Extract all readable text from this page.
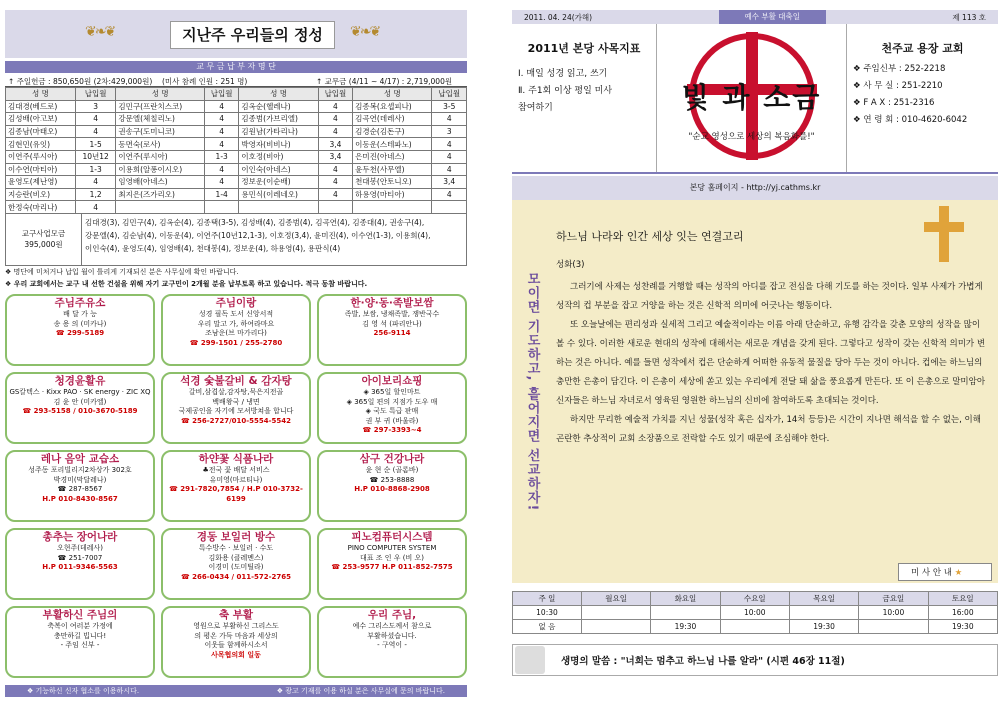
❦❧❦	지난주 우리들의 정성	❦❧❦
교 무 금 납 부 자 명 단
↑ 주일헌금 : 850,650원 (2차:429,000원)	(미사 참례 인원 : 251 명)	↑ 교무금 (4/11 ~ 4/17) : 2,719,000원
성 명	납입월	성 명	납입월	성 명	납입월	성 명	납입월
김대경(베드로)	3	김민구(프란치스코)	4	김옥순(헬레나)	4	김종복(요셉피나)	3-5
김성배(아고보)	4	강문엘(체칠리노)	4	김종범(가브리엘)	4	김곡연(데레사)	4
김종남(마태오)	4	권송구(도미니코)	4	김원남(가타리나)	4	김경순(김돈구)	3
김현민(유잇)	1-5	동면숙(로사)	4	박영자(비비나)	3,4	이동운(스테파노)	4
이연주(루시아)	10년12	이연주(루시아)	1-3	이호정(비아)	3,4	은미진(아네스)	4
이수연(마티아)	1-3	이용희(알퐁이시오)	4	이인숙(아네스)	4	윤두천(사무엘)	4
윤영도(제난영)	4	임영배(아네스)	4	정보운(이순배)	4	천대봉(안토니오)	3,4
지승란(비오)	1,2	최지은(즈가리오)	1-4	용민식(이레네오)	4	하용영(마티아)	4
한정숙(마리나)	4						
교구사업모금
395,000원
김대경(3), 김민구(4), 김옥순(4), 김종택(3-5), 김성배(4), 김종범(4), 김곡연(4), 김종대(4), 권송구(4),
강문엘(4), 김순남(4), 이동운(4), 이연주(10년12,1-3), 이호정(3,4), 윤미진(4), 이수연(1-3), 이용희(4),
이인숙(4), 윤영도(4), 임영배(4), 천대봉(4), 정보운(4), 하용영(4), 용판식(4)
❖ 명단에 미처거나 납입 월이 틀리게 기재되신 분은 사무실에 확인 바랍니다.
❖ 우리 교회에서는 교구 내 선한 건설을 위해 자기 교구민이 2개월 분을 납부토록 하고 있습니다. 적극 동참 바랍니다.
주님주유소
배 달 가 능
송 용 의 (미카나)
☎ 299-5189
주님이랑
성경 필독 도서 신앙서적
우리 말고 가, 하여라마요
조남운(브 마가리다)
☎ 299-1501 / 255-2780
한·양·동·족발보쌈
족발, 보쌈, 냉채족발, 쟁반국수
김 영 석 (파리안나)
256-9114
청경윤활유
GS칼텍스 · Kixx PAO · SK energy · ZIC XQ
김 윤 안 (미카엘)
☎ 293-5158 / 010-3670-5189
석경 숯불갈비 & 감자탕
갈비,삼겹살,감자탕,묵은지전골
백배왕국 / 냉면
국제공인을 자기에 모셔방쳐을 합니다
☎ 256-2727/010-5554-5542
아이보리쇼핑
◈ 365일 할인마트
◈ 365일 편의 지점가 도우 매
◈ 국도 특급 판매
권 부 귀 (바울라)
☎ 297-3393~4
레나 음악 교습소
성주동 포리빌리지2차상가 302호
박경미(막달레나)
☎ 287-8567
H.P 010-8430-8567
하얀꽃 식품나라
♣전국 꽃 배달 서비스
유미영(마르티나)
☎ 291-7820,7854 / H.P 010-3732-6199
삼구 건강나라
윤 현 순 (골롬바)
☎ 253-8888
H.P 010-8868-2908
총추는 장어나라
오현주(데레사)
☎ 251-7007
H.P 011-9346-5563
경동 보일러 방수
특수방수 · 보일러 · 수도
김화용 (클레멘스)
이경미 (도미틸라)
☎ 266-0434 / 011-572-2765
피노컴퓨터시스템
PINO COMPUTER SYSTEM
대표 조 인 우 (비 오)
☎ 253-9577 H.P 011-852-7575
부활하신 주님의
축복이 여러분 가정에
충만하길 빕니다!
- 주임 신부 -
축 부활
영원으로 부활하신 그리스도
의 평온 가득 마음과 세상의
이웃들 함께하시소서
사목협의회 일동
우리 주님,
예수 그리스도께서 참으로
부활하셨습니다.
- 구역이 -
❖ 기능하신 신자 협소를 이용하시다.	❖ 광고 기재를 이용 하실 분은 사무실에 문의 바랍니다.
2011. 04. 24(가해)	예수 부활 대축일	제 113 호
2011년 본당 사목지표
Ⅰ. 매일 성경 읽고, 쓰기
Ⅱ. 주1회 이상 평일 미사
참여하기	빛 과 소금
"순교 영성으로 세상의 복음화를!"
천주교 용장 교회
❖ 주임신부 : 252-2218
❖ 사 무 실 : 251-2210
❖ F A X : 251-2316
❖ 연 령 회 : 010-4620-6042
본당 홈페이지 - http://yj.cathms.kr
모이면 기도하고, 흩어지면 선교하자!
하느님 나라와 인간 세상 잇는 연결고리
성화(3)

그러기에 사제는 성찬례를 거행할 때는 성작의 아디를 잡고 전심을 다해 기도를 하는 것이다. 일부 사제가 가볍게 성작의 컵 부분을 잡고 거양을 하는 것은 신학적 의미에 어긋나는 행동이다.

또 오늘날에는 편리성과 실세적 그리고 예술적이라는 이름 아래 단순하고, 유행 감각을 갖춘 모양의 성작을 많이 볼 수 있다. 이러한 새로운 현대의 성작에 대해서는 새로운 개념을 갖게 된다. 그렇다고 성작이 갖는 신학적 의미가 변하는 것은 아니다. 예를 들면 성작에서 컵은 단순하게 어떠한 유동적 물질을 당아 두는 것이 아니다. 컵에는 하느님의 충만한 은총이 담긴다. 이 은총이 세상에 쏟고 있는 우리에게 전달 돼 삶을 풍요롭게 만든다. 또 이 은총으로 말미암아 신자들은 하느님 자녀로서 영육된 영원한 하느님의 신비에 참여하도록 초대되는 것이다.

하지만 무리한 예술적 가치를 지닌 성물(성작 혹은 십자가, 14처 등등)은 시간이 지나면 해석을 할 수 없는, 이해 곤란한 추상적이 교회 소장품으로 전락할 수도 있기 때문에 조심해야 한다.

미 사 안 내 ★
주 일	월요일	화요일	수요일	목요일	금요일	토요일
10:30			10:00		10:00	16:00
없 음		19:30		19:30		19:30
생명의 말씀 : "너희는 멈추고 하느님 나를 알라" (시편 46장 11절)
